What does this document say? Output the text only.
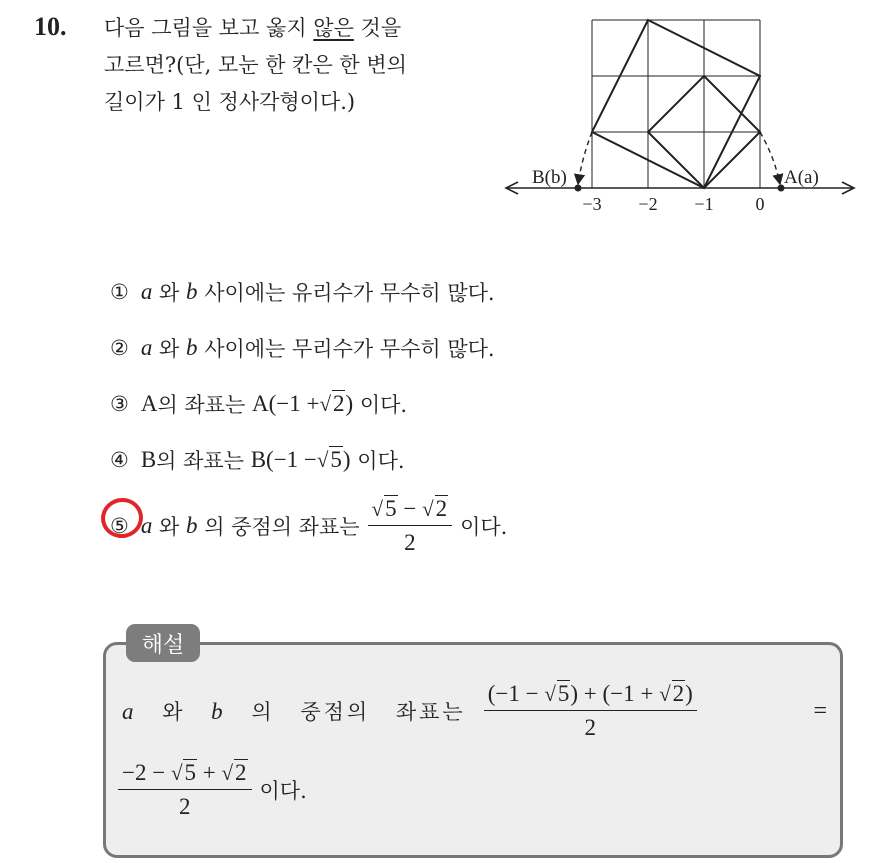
10. 다음 그림을 보고 옳지 않은 것을
고르면?(단, 모눈 한 칸은 한 변의
길이가 1 인 정사각형이다.)
B(b)	A(a)
−3 −2 −1 0
① a
와
b
사이에는 유리수가 무수히 많다.
② a
와
b
사이에는 무리수가 무수히 많다.
③ A 의 좌표는
A(−1 + √2 )
이다.
④ B 의 좌표는
B(−1 − √5 )
이다.
⑤ a
와
b
의 중점의 좌표는 $\frac{√5 - √2}{2}$ 이다.
해설
a 와 b 의 중점의 좌표는 $\frac{(-1 - √5) + (-1 + √2)}{2}$	=
$\frac{-2 - √5 + √2}{2}$ 이다.
